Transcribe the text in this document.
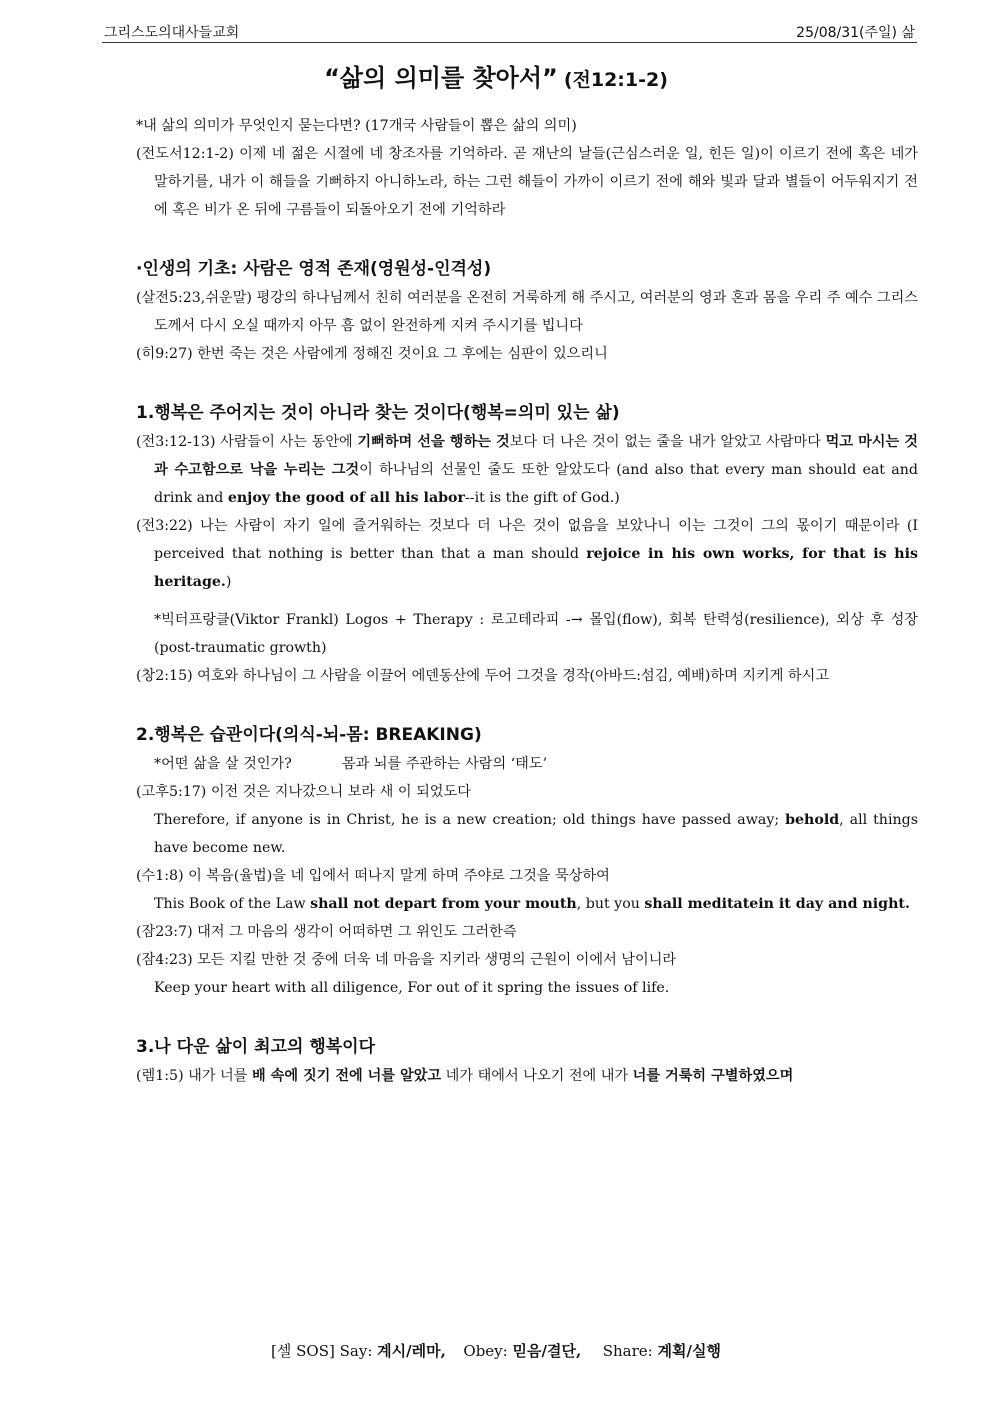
그리스도의대사들교회	25/08/31(주일) 삶
“삶의 의미를 찾아서” (전12:1-2)

*내 삶의 의미가 무엇인지 묻는다면? (17개국 사람들이 뽑은 삶의 의미)

(전도서12:1-2) 이제 네 젊은 시절에 네 창조자를 기억하라. 곧 재난의 날들(근심스러운 일, 힌든 일)이 이르기 전에 혹은 네가 말하기를, 내가 이 해들을 기뻐하지 아니하노라, 하는 그런 해들이 가까이 이르기 전에 해와 빛과 달과 별들이 어두워지기 전에 혹은 비가 온 뒤에 구름들이 되돌아오기 전에 기억하라

·인생의 기초: 사람은 영적 존재(영원성-인격성)

(살전5:23,쉬운말) 평강의 하나님께서 친히 여러분을 온전히 거룩하게 해 주시고, 여러분의 영과 혼과 몸을 우리 주 예수 그리스도께서 다시 오실 때까지 아무 흠 없이 완전하게 지켜 주시기를 빕니다

(히9:27) 한번 죽는 것은 사람에게 정해진 것이요 그 후에는 심판이 있으리니

1.행복은 주어지는 것이 아니라 찾는 것이다(행복=의미 있는 삶)

(전3:12-13) 사람들이 사는 동안에 기뻐하며 선을 행하는 것보다 더 나은 것이 없는 줄을 내가 알았고 사람마다 먹고 마시는 것과 수고함으로 낙을 누리는 그것이 하나님의 선물인 줄도 또한 알았도다 (and also that every man should eat and drink and enjoy the good of all his labor--it is the gift of God.)

(전3:22) 나는 사람이 자기 일에 즐거워하는 것보다 더 나은 것이 없음을 보았나니 이는 그것이 그의 몫이기 때문이라 (I perceived that nothing is better than that a man should rejoice in his own works, for that is his heritage.)

*빅터프랑클(Viktor Frankl) Logos + Therapy : 로고테라피 -→ 몰입(flow), 회복 탄력성(resilience), 외상 후 성장(post-traumatic growth)

(창2:15) 여호와 하나님이 그 사람을 이끌어 에덴동산에 두어 그것을 경작(아바드:섬김, 예배)하며 지키게 하시고

2.행복은 습관이다(의식-뇌-몸: BREAKING)

*어떤 삶을 살 것인가?	몸과 뇌를 주관하는 사람의 ‘태도’

(고후5:17) 이전 것은 지나갔으니 보라 새 이 되었도다

Therefore, if anyone is in Christ, he is a new creation; old things have passed away; behold, all things have become new.

(수1:8) 이 복음(율법)을 네 입에서 떠나지 말게 하며 주야로 그것을 묵상하여

This Book of the Law shall not depart from your mouth, but you shall meditatein it day and night.

(잠23:7) 대저 그 마음의 생각이 어떠하면 그 위인도 그러한즉

(잠4:23) 모든 지킬 만한 것 중에 더욱 네 마음을 지키라 생명의 근원이 이에서 남이니라

Keep your heart with all diligence, For out of it spring the issues of life.

3.나 다운 삶이 최고의 행복이다

(렘1:5) 내가 너를 배 속에 짓기 전에 너를 알았고 네가 태에서 나오기 전에 내가 너를 거룩히 구별하였으며

[셀 SOS] Say: 계시/레마, Obey: 믿음/결단, Share: 계획/실행
